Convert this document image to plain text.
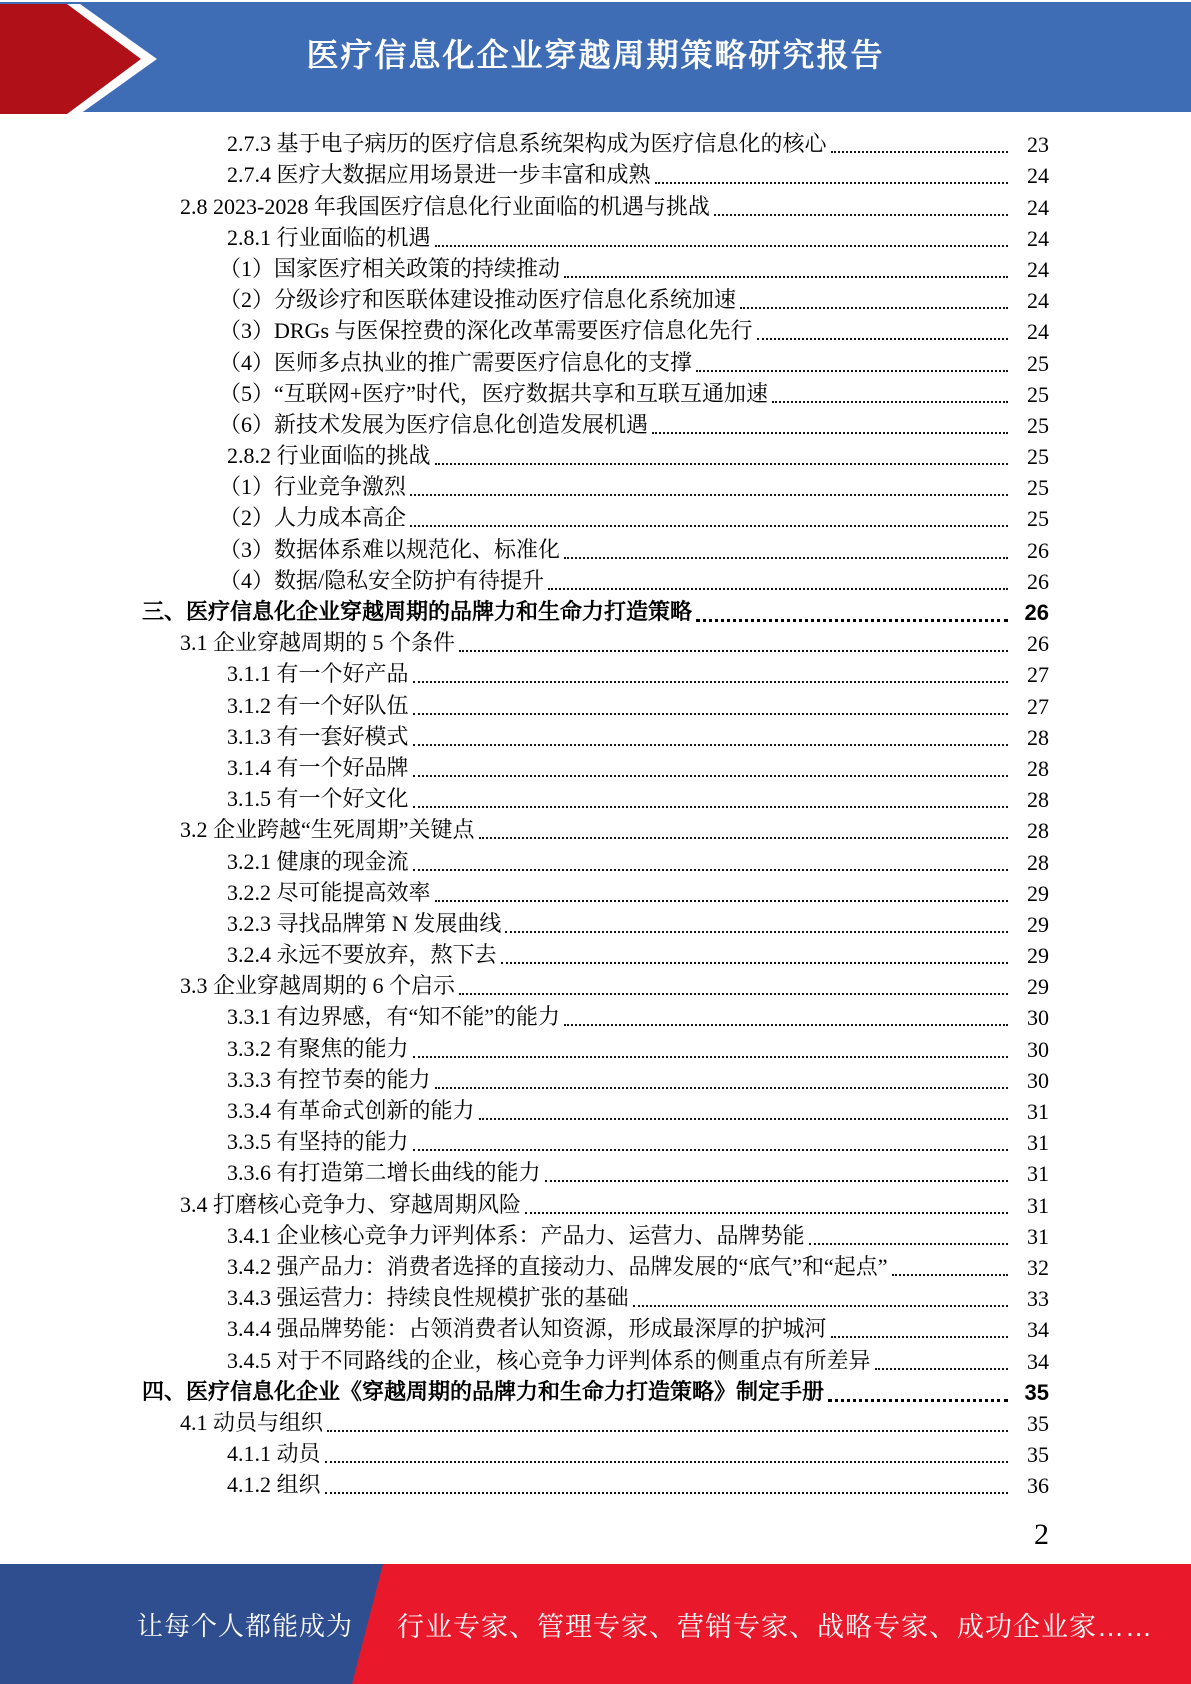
医疗信息化企业穿越周期策略研究报告
2.7.3 基于电子病历的医疗信息系统架构成为医疗信息化的核心	23
2.7.4 医疗大数据应用场景进一步丰富和成熟	24
2.8 2023-2028 年我国医疗信息化行业面临的机遇与挑战	24
2.8.1 行业面临的机遇	24
（1）国家医疗相关政策的持续推动	24
（2）分级诊疗和医联体建设推动医疗信息化系统加速	24
（3）DRGs 与医保控费的深化改革需要医疗信息化先行	24
（4）医师多点执业的推广需要医疗信息化的支撑	25
（5）“互联网+医疗”时代，医疗数据共享和互联互通加速	25
（6）新技术发展为医疗信息化创造发展机遇	25
2.8.2 行业面临的挑战	25
（1）行业竞争激烈	25
（2）人力成本高企	25
（3）数据体系难以规范化、标准化	26
（4）数据/隐私安全防护有待提升	26
三、医疗信息化企业穿越周期的品牌力和生命力打造策略	26
3.1 企业穿越周期的 5 个条件	26
3.1.1 有一个好产品	27
3.1.2 有一个好队伍	27
3.1.3 有一套好模式	28
3.1.4 有一个好品牌	28
3.1.5 有一个好文化	28
3.2 企业跨越“生死周期”关键点	28
3.2.1 健康的现金流	28
3.2.2 尽可能提高效率	29
3.2.3 寻找品牌第 N 发展曲线	29
3.2.4 永远不要放弃，熬下去	29
3.3 企业穿越周期的 6 个启示	29
3.3.1 有边界感，有“知不能”的能力	30
3.3.2 有聚焦的能力	30
3.3.3 有控节奏的能力	30
3.3.4 有革命式创新的能力	31
3.3.5 有坚持的能力	31
3.3.6 有打造第二增长曲线的能力	31
3.4 打磨核心竞争力、穿越周期风险	31
3.4.1 企业核心竞争力评判体系：产品力、运营力、品牌势能	31
3.4.2 强产品力：消费者选择的直接动力、品牌发展的“底气”和“起点”	32
3.4.3 强运营力：持续良性规模扩张的基础	33
3.4.4 强品牌势能：占领消费者认知资源，形成最深厚的护城河	34
3.4.5 对于不同路线的企业，核心竞争力评判体系的侧重点有所差异	34
四、医疗信息化企业《穿越周期的品牌力和生命力打造策略》制定手册	35
4.1 动员与组织	35
4.1.1 动员	35
4.1.2 组织	36
2
让每个人都能成为 行业专家、管理专家、营销专家、战略专家、成功企业家……
